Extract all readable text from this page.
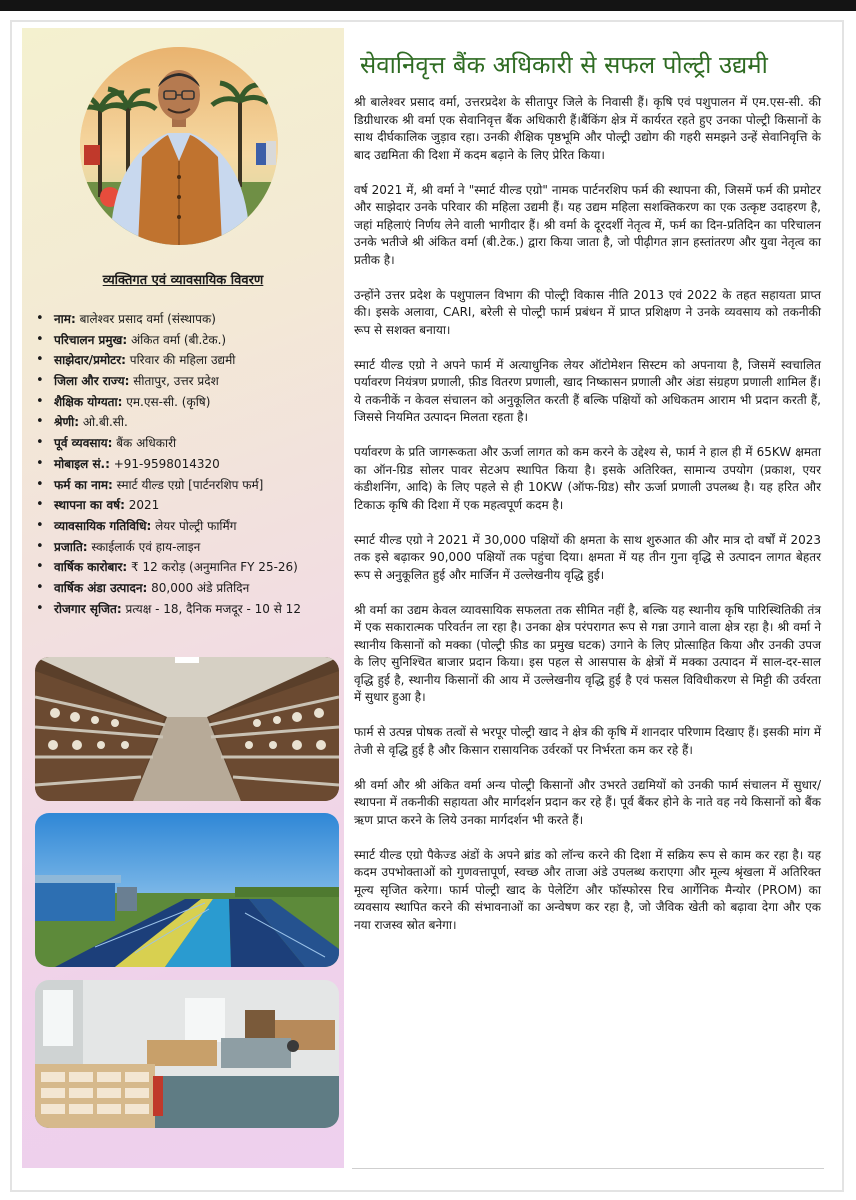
व्यक्तिगत एवं व्यावसायिक विवरण
• नाम: बालेश्वर प्रसाद वर्मा (संस्थापक)
• परिचालन प्रमुख: अंकित वर्मा (बी.टेक.)
• साझेदार/प्रमोटर: परिवार की महिला उद्यमी
• जिला और राज्य: सीतापुर, उत्तर प्रदेश
• शैक्षिक योग्यता: एम.एस-सी. (कृषि)
• श्रेणी: ओ.बी.सी.
• पूर्व व्यवसाय: बैंक अधिकारी
• मोबाइल सं.: +91-9598014320
• फर्म का नाम: स्मार्ट यील्ड एग्रो [पार्टनरशिप फर्म]
• स्थापना का वर्ष: 2021
• व्यावसायिक गतिविधि: लेयर पोल्ट्री फार्मिंग
• प्रजाति: स्काईलार्क एवं हाय-लाइन
• वार्षिक कारोबार: ₹ 12 करोड़ (अनुमानित FY 25-26)
• वार्षिक अंडा उत्पादन: 80,000 अंडे प्रतिदिन
• रोजगार सृजित: प्रत्यक्ष - 18, दैनिक मजदूर - 10 से 12
सेवानिवृत्त बैंक अधिकारी से सफल पोल्ट्री उद्यमी

श्री बालेश्वर प्रसाद वर्मा, उत्तरप्रदेश के सीतापुर जिले के निवासी हैं। कृषि एवं पशुपालन में एम.एस-सी. की डिग्रीधारक श्री वर्मा एक सेवानिवृत्त बैंक अधिकारी हैं।बैंकिंग क्षेत्र में कार्यरत रहते हुए उनका पोल्ट्री किसानों के साथ दीर्घकालिक जुड़ाव रहा। उनकी शैक्षिक पृष्ठभूमि और पोल्ट्री उद्योग की गहरी समझने उन्हें सेवानिवृत्ति के बाद उद्यमिता की दिशा में कदम बढ़ाने के लिए प्रेरित किया।

वर्ष 2021 में, श्री वर्मा ने "स्मार्ट यील्ड एग्रो" नामक पार्टनरशिप फर्म की स्थापना की, जिसमें फर्म की प्रमोटर और साझेदार उनके परिवार की महिला उद्यमी हैं। यह उद्यम महिला सशक्तिकरण का एक उत्कृष्ट उदाहरण है, जहां महिलाएं निर्णय लेने वाली भागीदार हैं। श्री वर्मा के दूरदर्शी नेतृत्व में, फर्म का दिन-प्रतिदिन का परिचालन उनके भतीजे श्री अंकित वर्मा (बी.टेक.) द्वारा किया जाता है, जो पीढ़ीगत ज्ञान हस्तांतरण और युवा नेतृत्व का प्रतीक है।

उन्होंने उत्तर प्रदेश के पशुपालन विभाग की पोल्ट्री विकास नीति 2013 एवं 2022 के तहत सहायता प्राप्त की। इसके अलावा, CARI, बरेली से पोल्ट्री फार्म प्रबंधन में प्राप्त प्रशिक्षण ने उनके व्यवसाय को तकनीकी रूप से सशक्त बनाया।

स्मार्ट यील्ड एग्रो ने अपने फार्म में अत्याधुनिक लेयर ऑटोमेशन सिस्टम को अपनाया है, जिसमें स्वचालित पर्यावरण नियंत्रण प्रणाली, फ़ीड वितरण प्रणाली, खाद निष्कासन प्रणाली और अंडा संग्रहण प्रणाली शामिल हैं। ये तकनीकें न केवल संचालन को अनुकूलित करती हैं बल्कि पक्षियों को अधिकतम आराम भी प्रदान करती हैं, जिससे नियमित उत्पादन मिलता रहता है।

पर्यावरण के प्रति जागरूकता और ऊर्जा लागत को कम करने के उद्देश्य से, फार्म ने हाल ही में 65KW क्षमता का ऑन-ग्रिड सोलर पावर सेटअप स्थापित किया है। इसके अतिरिक्त, सामान्य उपयोग (प्रकाश, एयर कंडीशनिंग, आदि) के लिए पहले से ही 10KW (ऑफ-ग्रिड) सौर ऊर्जा प्रणाली उपलब्ध है। यह हरित और टिकाऊ कृषि की दिशा में एक महत्वपूर्ण कदम है।

स्मार्ट यील्ड एग्रो ने 2021 में 30,000 पक्षियों की क्षमता के साथ शुरुआत की और मात्र दो वर्षों में 2023 तक इसे बढ़ाकर 90,000 पक्षियों तक पहुंचा दिया। क्षमता में यह तीन गुना वृद्धि से उत्पादन लागत बेहतर रूप से अनुकूलित हुई और मार्जिन में उल्लेखनीय वृद्धि हुई।

श्री वर्मा का उद्यम केवल व्यावसायिक सफलता तक सीमित नहीं है, बल्कि यह स्थानीय कृषि पारिस्थितिकी तंत्र में एक सकारात्मक परिवर्तन ला रहा है। उनका क्षेत्र परंपरागत रूप से गन्ना उगाने वाला क्षेत्र रहा है। श्री वर्मा ने स्थानीय किसानों को मक्का (पोल्ट्री फ़ीड का प्रमुख घटक) उगाने के लिए प्रोत्साहित किया और उनकी उपज के लिए सुनिश्चित बाजार प्रदान किया। इस पहल से आसपास के क्षेत्रों में मक्का उत्पादन में साल-दर-साल वृद्धि हुई है, स्थानीय किसानों की आय में उल्लेखनीय वृद्धि हुई है एवं फसल विविधीकरण से मिट्टी की उर्वरता में सुधार हुआ है।

फार्म से उत्पन्न पोषक तत्वों से भरपूर पोल्ट्री खाद ने क्षेत्र की कृषि में शानदार परिणाम दिखाए हैं। इसकी मांग में तेजी से वृद्धि हुई है और किसान रासायनिक उर्वरकों पर निर्भरता कम कर रहे हैं।

श्री वर्मा और श्री अंकित वर्मा अन्य पोल्ट्री किसानों और उभरते उद्यमियों को उनकी फार्म संचालन में सुधार/स्थापना में तकनीकी सहायता और मार्गदर्शन प्रदान कर रहे हैं। पूर्व बैंकर होने के नाते वह नये किसानों को बैंक ऋण प्राप्त करने के लिये उनका मार्गदर्शन भी करते हैं।

स्मार्ट यील्ड एग्रो पैकेज्ड अंडों के अपने ब्रांड को लॉन्च करने की दिशा में सक्रिय रूप से काम कर रहा है। यह कदम उपभोक्ताओं को गुणवत्तापूर्ण, स्वच्छ और ताजा अंडे उपलब्ध कराएगा और मूल्य श्रृंखला में अतिरिक्त मूल्य सृजित करेगा। फार्म पोल्ट्री खाद के पेलेटिंग और फॉस्फोरस रिच आर्गेनिक मैन्योर (PROM) का व्यवसाय स्थापित करने की संभावनाओं का अन्वेषण कर रहा है, जो जैविक खेती को बढ़ावा देगा और एक नया राजस्व स्रोत बनेगा।
